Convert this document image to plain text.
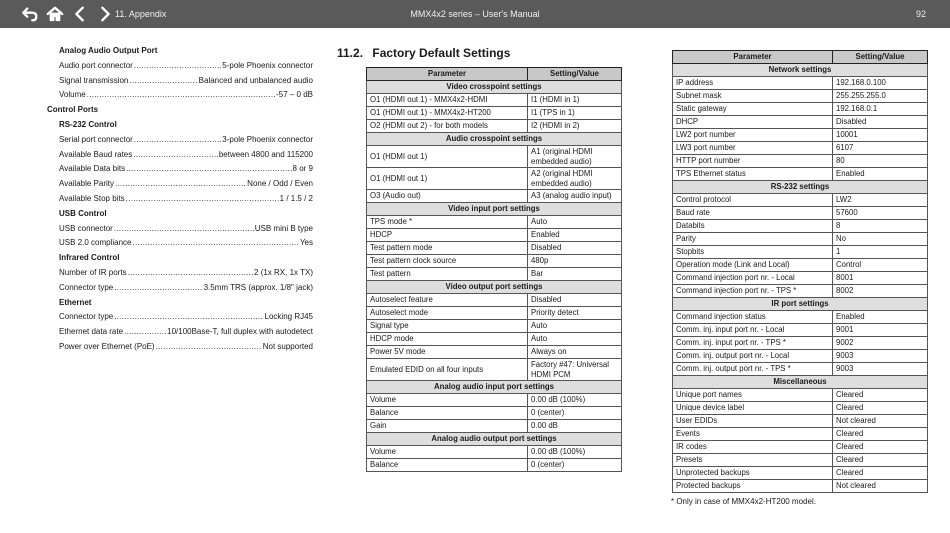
11. Appendix	MMX4x2 series – User's Manual	92
Analog Audio Output Port
Audio port connector .....	5-pole Phoenix connector
Signal transmission .....	Balanced and unbalanced audio
Volume .....	-57 – 0 dB
Control Ports
RS-232 Control
Serial port connector .....	3-pole Phoenix connector
Available Baud rates .....	between 4800 and 115200
Available Data bits .....	8 or 9
Available Parity .....	None / Odd / Even
Available Stop bits .....	1 / 1.5 / 2
USB Control
USB connector .....	USB mini B type
USB 2.0 compliance .....	Yes
Infrared Control
Number of IR ports .....	2 (1x RX, 1x TX)
Connector type .....	3.5mm TRS (approx. 1/8" jack)
Ethernet
Connector type .....	Locking RJ45
Ethernet data rate .....	10/100Base-T, full duplex with autodetect
Power over Ethernet (PoE) .....	Not supported
11.2. Factory Default Settings
Parameter	Setting/Value
Video crosspoint settings	
O1 (HDMI out 1) - MMX4x2-HDMI	I1 (HDMI in 1)
O1 (HDMI out 1) - MMX4x2-HT200	I1 (TPS in 1)
O2 (HDMI out 2) - for both models	I2 (HDMI in 2)
Audio crosspoint settings	
O1 (HDMI out 1)	A1 (original HDMI embedded audio)
O1 (HDMI out 1)	A2 (original HDMI embedded audio)
O3 (Audio out)	A3 (analog audio input)
Video input port settings	
TPS mode *	Auto
HDCP	Enabled
Test pattern mode	Disabled
Test pattern clock source	480p
Test pattern	Bar
Video output port settings	
Autoselect feature	Disabled
Autoselect mode	Priority detect
Signal type	Auto
HDCP mode	Auto
Power 5V mode	Always on
Emulated EDID on all four inputs	Factory #47: Universal HDMI PCM
Analog audio input port settings	
Volume	0.00 dB (100%)
Balance	0 (center)
Gain	0.00 dB
Analog audio output port settings	
Volume	0.00 dB (100%)
Balance	0 (center)
Parameter	Setting/Value
Network settings	
IP address	192.168.0.100
Subnet mask	255.255.255.0
Static gateway	192.168.0.1
DHCP	Disabled
LW2 port number	10001
LW3 port number	6107
HTTP port number	80
TPS Ethernet status	Enabled
RS-232 settings	
Control protocol	LW2
Baud rate	57600
Databits	8
Parity	No
Stopbits	1
Operation mode (Link and Local)	Control
Command injection port nr. - Local	8001
Command injection port nr. - TPS *	8002
IR port settings	
Command injection status	Enabled
Comm. inj. input port nr. - Local	9001
Comm. inj. input port nr. - TPS *	9002
Comm. inj. output port nr. - Local	9003
Comm. inj. output port nr. - TPS *	9003
Miscellaneous	
Unique port names	Cleared
Unique device label	Cleared
User EDIDs	Not cleared
Events	Cleared
IR codes	Cleared
Presets	Cleared
Unprotected backups	Cleared
Protected backups	Not cleared
* Only in case of MMX4x2-HT200 model.
